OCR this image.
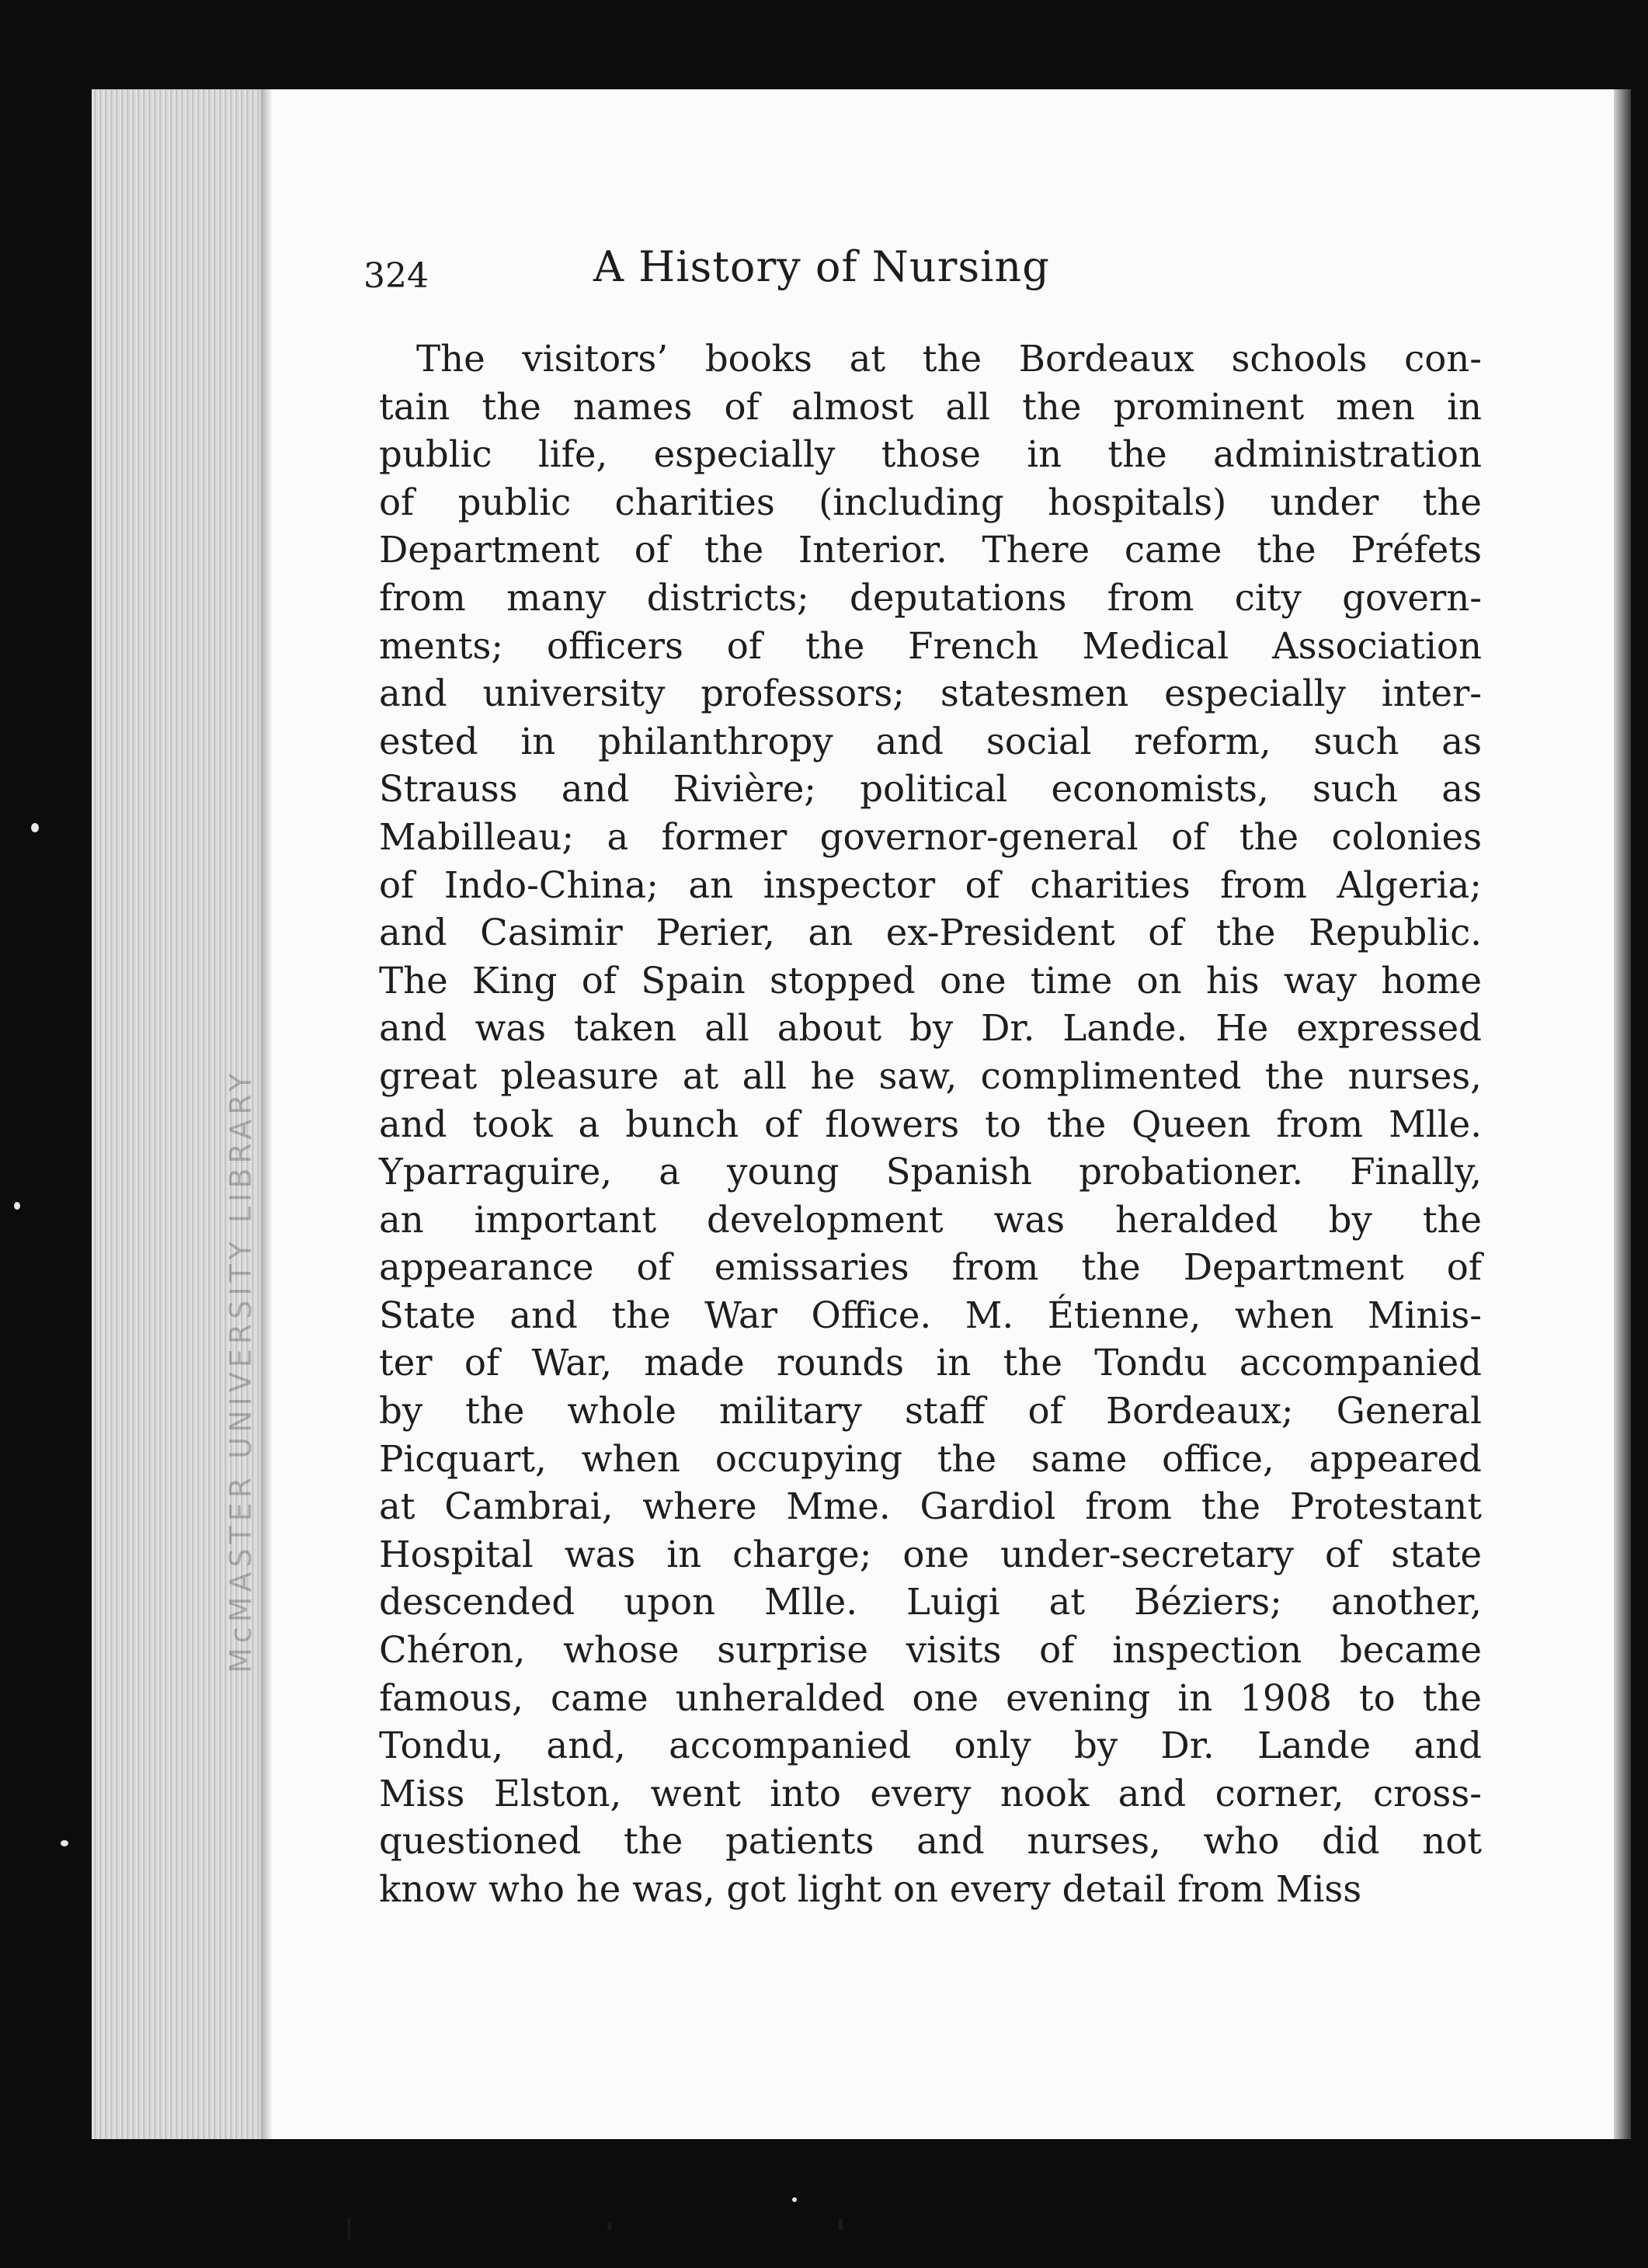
McMASTER UNIVERSITY LIBRARY
324	A History of Nursing
The visitors’ books at the Bordeaux schools con-
tain the names of almost all the prominent men in
public life, especially those in the administration
of public charities (including hospitals) under the
Department of the Interior. There came the Préfets
from many districts; deputations from city govern-
ments; officers of the French Medical Association
and university professors; statesmen especially inter-
ested in philanthropy and social reform, such as
Strauss and Rivière; political economists, such as
Mabilleau; a former governor-general of the colonies
of Indo-China; an inspector of charities from Algeria;
and Casimir Perier, an ex-President of the Republic.
The King of Spain stopped one time on his way home
and was taken all about by Dr. Lande. He expressed
great pleasure at all he saw, complimented the nurses,
and took a bunch of flowers to the Queen from Mlle.
Yparraguire, a young Spanish probationer. Finally,
an important development was heralded by the
appearance of emissaries from the Department of
State and the War Office. M. Étienne, when Minis-
ter of War, made rounds in the Tondu accompanied
by the whole military staff of Bordeaux; General
Picquart, when occupying the same office, appeared
at Cambrai, where Mme. Gardiol from the Protestant
Hospital was in charge; one under-secretary of state
descended upon Mlle. Luigi at Béziers; another,
Chéron, whose surprise visits of inspection became
famous, came unheralded one evening in 1908 to the
Tondu, and, accompanied only by Dr. Lande and
Miss Elston, went into every nook and corner, cross-
questioned the patients and nurses, who did not
know who he was, got light on every detail from Miss
